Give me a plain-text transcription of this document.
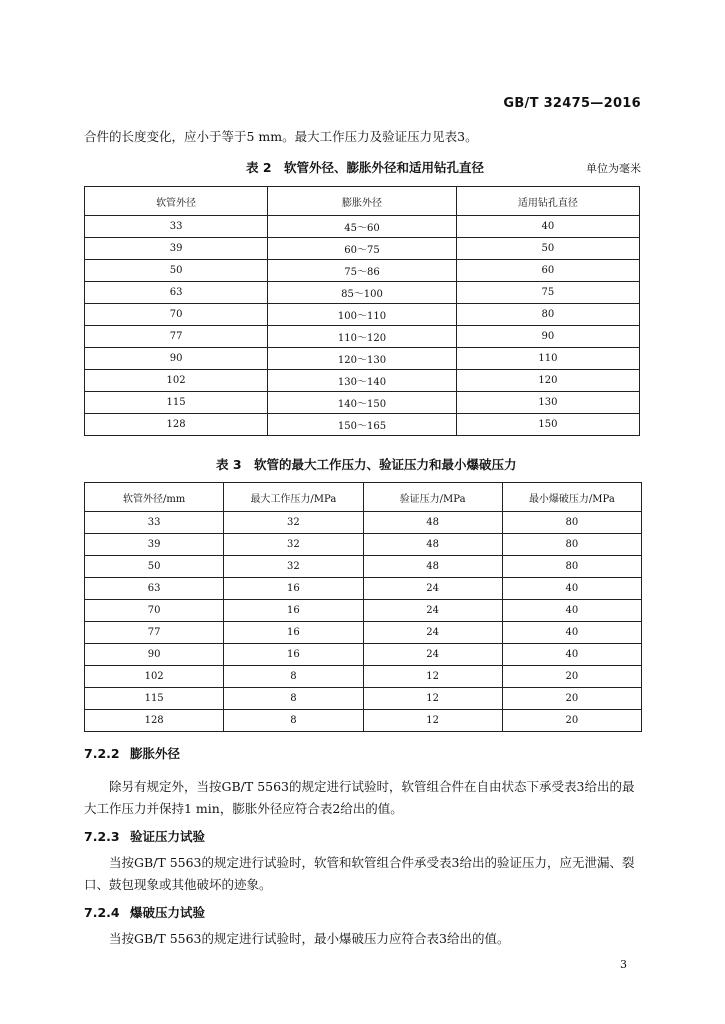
GB/T 32475—2016
合件的长度变化，应小于等于5 mm。最大工作压力及验证压力见表3。
表 2　软管外径、膨胀外径和适用钻孔直径	单位为毫米
软管外径	膨胀外径	适用钻孔直径
33	45～60	40
39	60～75	50
50	75～86	60
63	85～100	75
70	100～110	80
77	110～120	90
90	120～130	110
102	130～140	120
115	140～150	130
128	150～165	150
表 3　软管的最大工作压力、验证压力和最小爆破压力
软管外径/mm	最大工作压力/MPa	验证压力/MPa	最小爆破压力/MPa
33	32	48	80
39	32	48	80
50	32	48	80
63	16	24	40
70	16	24	40
77	16	24	40
90	16	24	40
102	8	12	20
115	8	12	20
128	8	12	20
7.2.2 膨胀外径
除另有规定外，当按GB/T 5563的规定进行试验时，软管组合件在自由状态下承受表3给出的最大工作压力并保持1 min，膨胀外径应符合表2给出的值。
7.2.3 验证压力试验
当按GB/T 5563的规定进行试验时，软管和软管组合件承受表3给出的验证压力，应无泄漏、裂口、鼓包现象或其他破坏的迹象。
7.2.4 爆破压力试验
当按GB/T 5563的规定进行试验时，最小爆破压力应符合表3给出的值。
3
